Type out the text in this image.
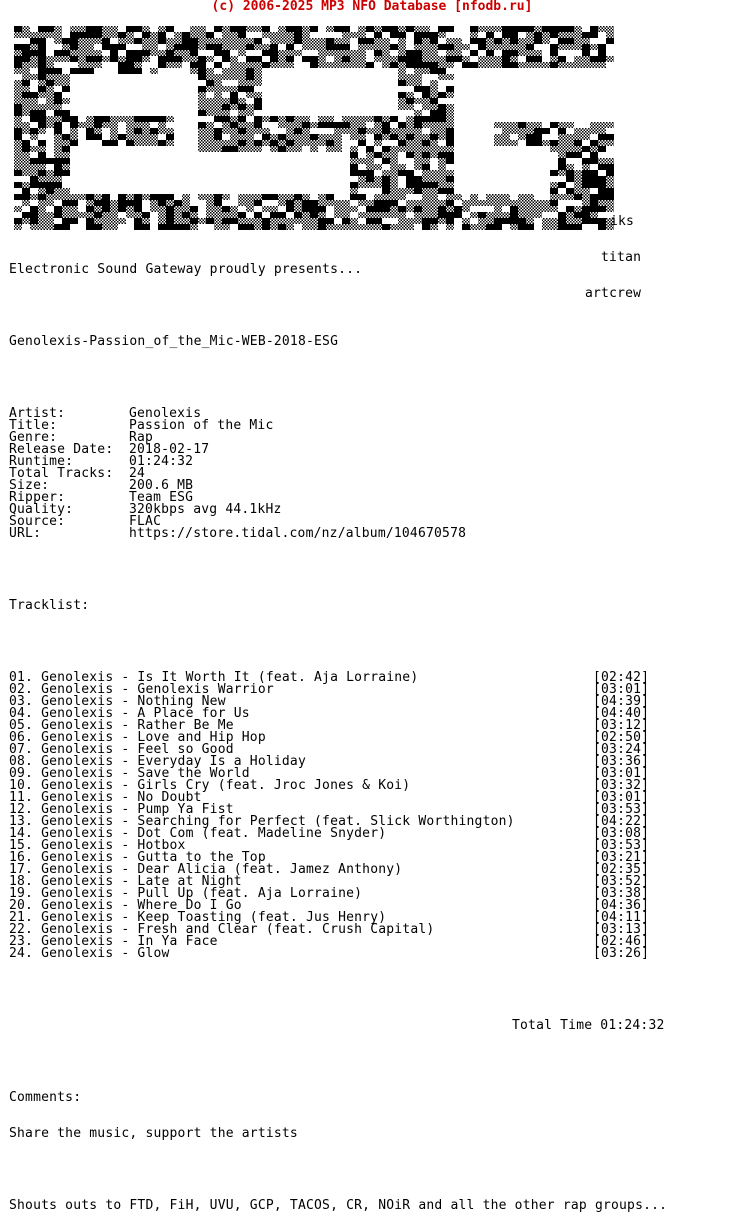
(c) 2006-2025 MP3 NFO Database [nfodb.ru]

iks

titan

artcrew

Electronic Sound Gateway proudly presents...

Genolexis-Passion_of_the_Mic-WEB-2018-ESG

Artist:	Genolexis
Title:	Passion of the Mic
Genre:	Rap
Release Date: 2018-02-17
Runtime:	01:24:32
Total Tracks: 24
Size:	200.6 MB
Ripper:	Team ESG
Quality:	320kbps avg 44.1kHz
Source:	FLAC
URL:	https://store.tidal.com/nz/album/104670578

Tracklist:

01. Genolexis - Is It Worth It (feat. Aja Lorraine)	[02:42]
02. Genolexis - Genolexis Warrior	[03:01]
03. Genolexis - Nothing New	[04:39]
04. Genolexis - A Place for Us	[04:40]
05. Genolexis - Rather Be Me	[03:12]
06. Genolexis - Love and Hip Hop	[02:50]
07. Genolexis - Feel so Good	[03:24]
08. Genolexis - Everyday Is a Holiday	[03:36]
09. Genolexis - Save the World	[03:01]
10. Genolexis - Girls Cry (feat. Jroc Jones & Koi)	[03:32]
11. Genolexis - No Doubt	[03:01]
12. Genolexis - Pump Ya Fist	[03:53]
13. Genolexis - Searching for Perfect (feat. Slick Worthington)	[04:22]
14. Genolexis - Dot Com (feat. Madeline Snyder)	[03:08]
15. Genolexis - Hotbox	[03:53]
16. Genolexis - Gutta to the Top	[03:21]
17. Genolexis - Dear Alicia (feat. Jamez Anthony)	[02:35]
18. Genolexis - Late at Night	[03:52]
19. Genolexis - Pull Up (feat. Aja Lorraine)	[03:38]
20. Genolexis - Where Do I Go	[04:36]
21. Genolexis - Keep Toasting (feat. Jus Henry)	[04:11]
22. Genolexis - Fresh and Clear (feat. Crush Capital)	[03:13]
23. Genolexis - In Ya Face	[02:46]
24. Genolexis - Glow	[03:26]

Total Time 01:24:32

Comments:

Share the music, support the artists

Shouts outs to FTD, FiH, UVU, GCP, TACOS, CR, NOiR and all the other rap groups...
